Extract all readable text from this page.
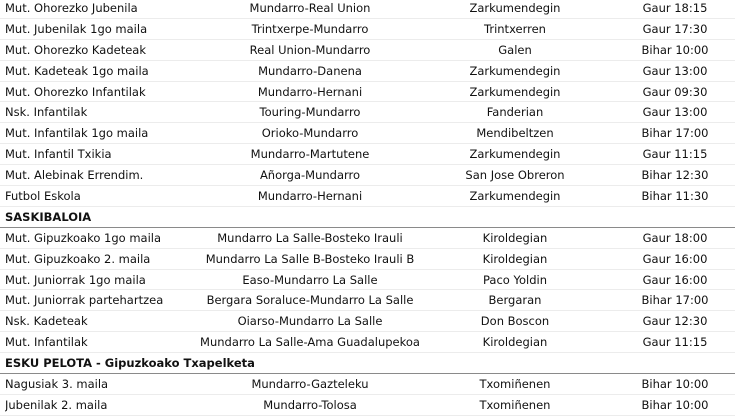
Mut. Ohorezko Jubenila	Mundarro-Real Union	Zarkumendegin	Gaur 18:15
Mut. Jubenilak 1go maila	Trintxerpe-Mundarro	Trintxerren	Gaur 17:30
Mut. Ohorezko Kadeteak	Real Union-Mundarro	Galen	Bihar 10:00
Mut. Kadeteak 1go maila	Mundarro-Danena	Zarkumendegin	Gaur 13:00
Mut. Ohorezko Infantilak	Mundarro-Hernani	Zarkumendegin	Gaur 09:30
Nsk. Infantilak	Touring-Mundarro	Fanderian	Gaur 13:00
Mut. Infantilak 1go maila	Orioko-Mundarro	Mendibeltzen	Bihar 17:00
Mut. Infantil Txikia	Mundarro-Martutene	Zarkumendegin	Gaur 11:15
Mut. Alebinak Errendim.	Añorga-Mundarro	San Jose Obreron	Bihar 12:30
Futbol Eskola	Mundarro-Hernani	Zarkumendegin	Bihar 11:30
SASKIBALOIA
Mut. Gipuzkoako 1go maila	Mundarro La Salle-Bosteko Irauli	Kiroldegian	Gaur 18:00
Mut. Gipuzkoako 2. maila	Mundarro La Salle B-Bosteko Irauli B	Kiroldegian	Gaur 16:00
Mut. Juniorrak 1go maila	Easo-Mundarro La Salle	Paco Yoldin	Gaur 16:00
Mut. Juniorrak partehartzea	Bergara Soraluce-Mundarro La Salle	Bergaran	Bihar 17:00
Nsk. Kadeteak	Oiarso-Mundarro La Salle	Don Boscon	Gaur 12:30
Mut. Infantilak	Mundarro La Salle-Ama Guadalupekoa	Kiroldegian	Gaur 11:15
ESKU PELOTA - Gipuzkoako Txapelketa
Nagusiak 3. maila	Mundarro-Gazteleku	Txomiñenen	Bihar 10:00
Jubenilak 2. maila	Mundarro-Tolosa	Txomiñenen	Bihar 10:00
